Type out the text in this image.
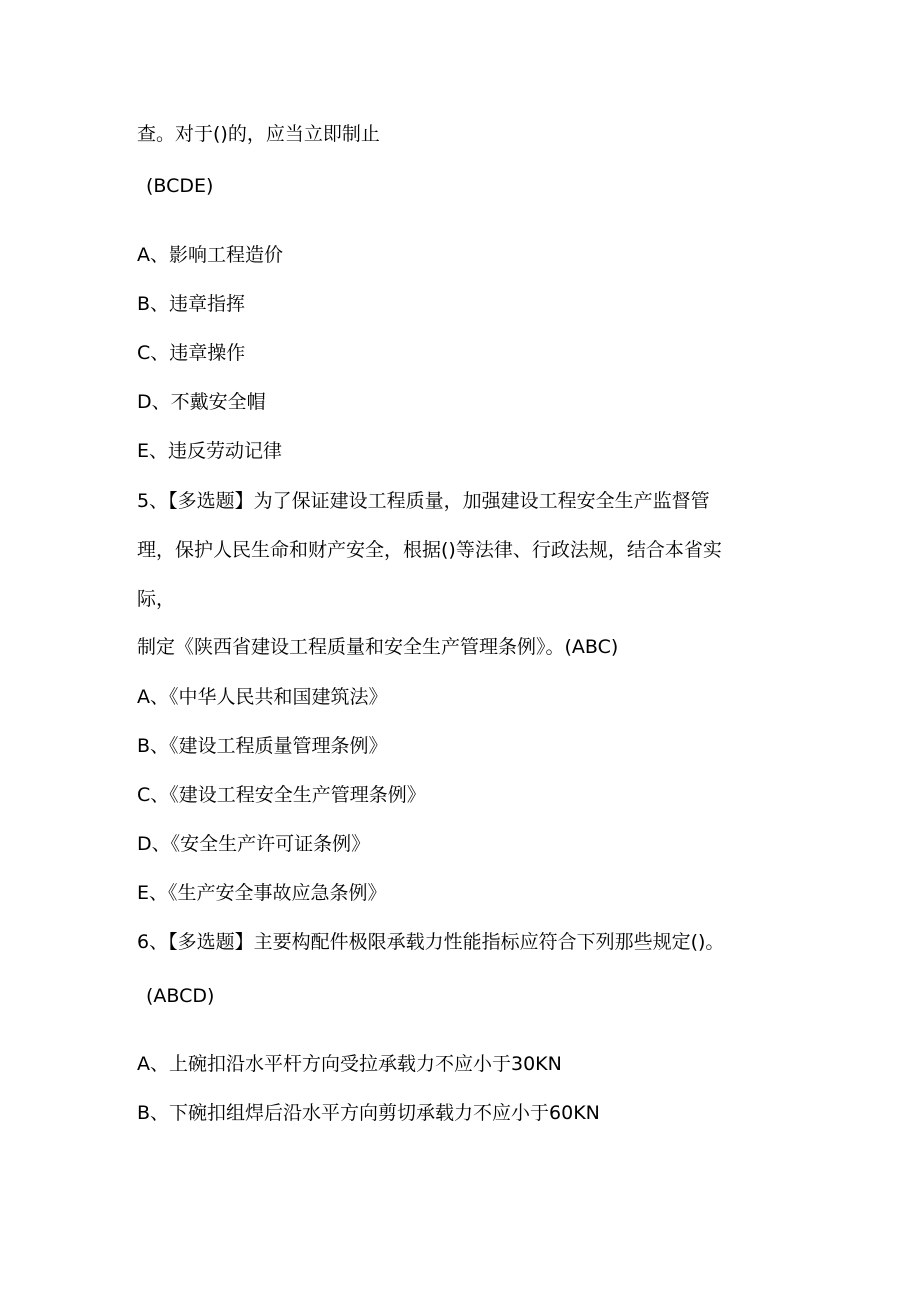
查。对于()的，应当立即制止
(BCDE)
A、影响工程造价
B、违章指挥
C、违章操作
D、不戴安全帽
E、违反劳动记律
5、【多选题】为了保证建设工程质量，加强建设工程安全生产监督管
理，保护人民生命和财产安全，根据()等法律、行政法规，结合本省实
际，
制定《陕西省建设工程质量和安全生产管理条例》。(ABC)
A、《中华人民共和国建筑法》
B、《建设工程质量管理条例》
C、《建设工程安全生产管理条例》
D、《安全生产许可证条例》
E、《生产安全事故应急条例》
6、【多选题】主要构配件极限承载力性能指标应符合下列那些规定()。
(ABCD)
A、上碗扣沿水平杆方向受拉承载力不应小于30KN
B、下碗扣组焊后沿水平方向剪切承载力不应小于60KN
